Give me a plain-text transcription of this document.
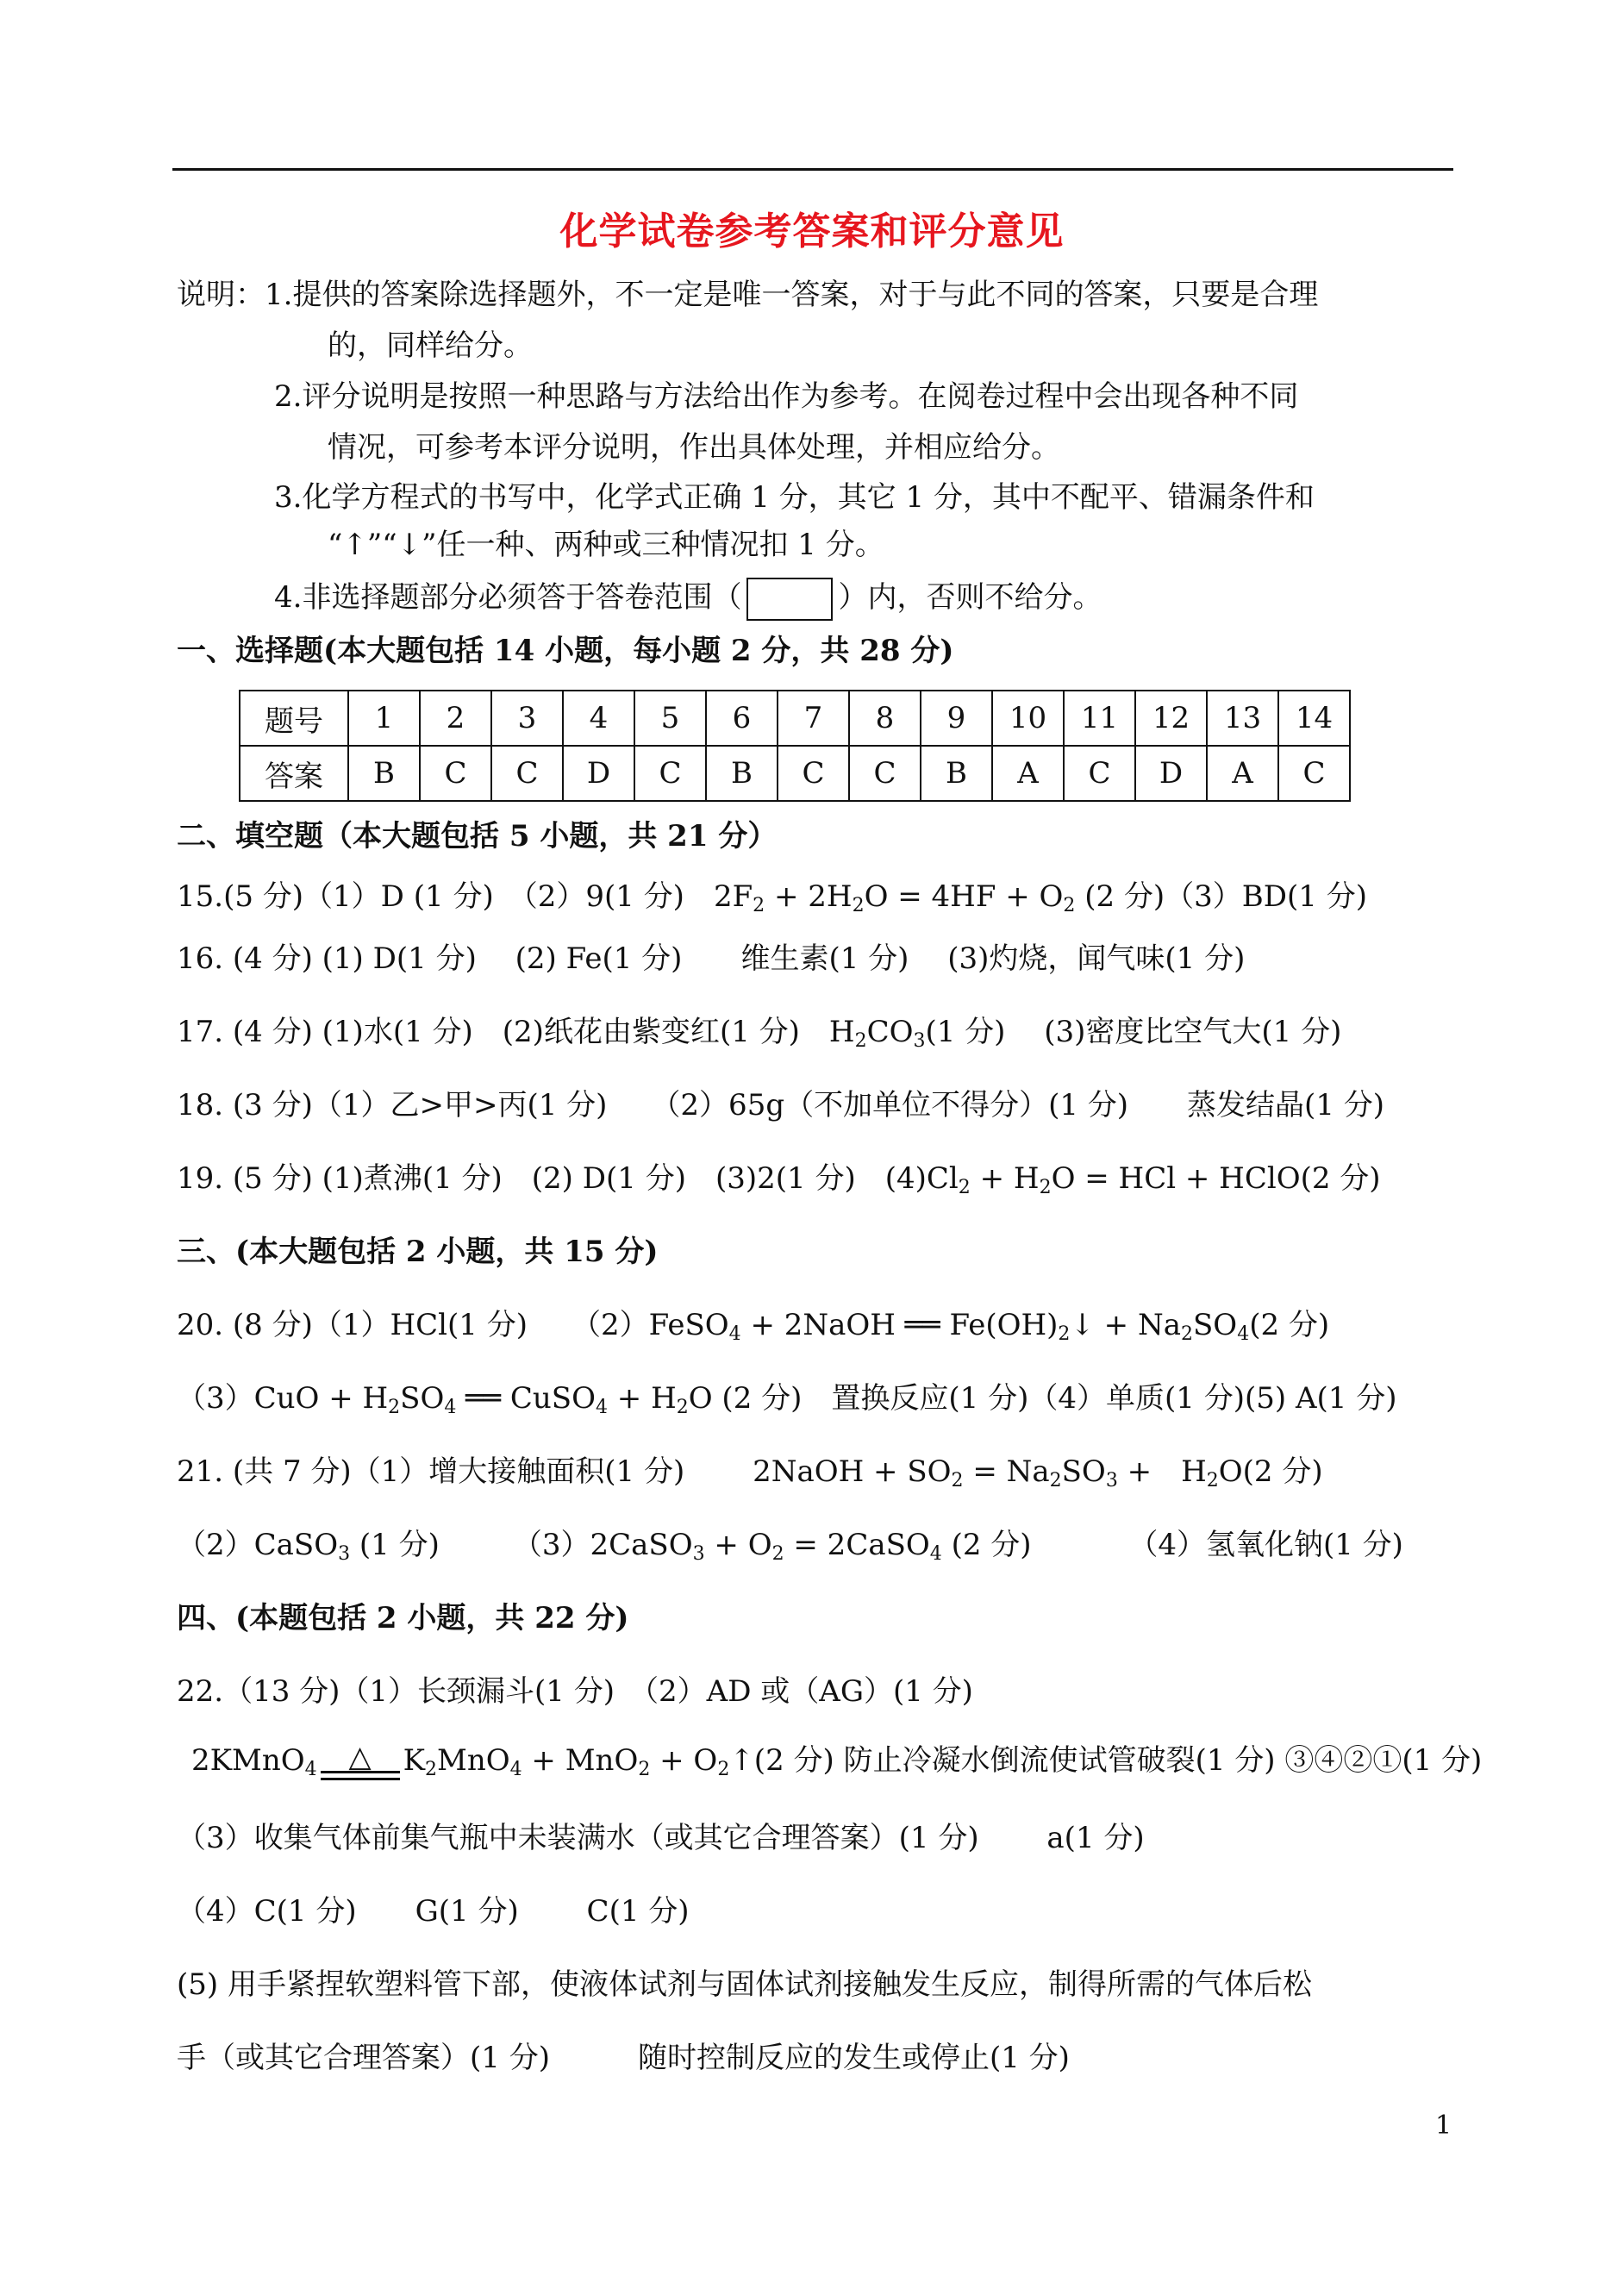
化学试卷参考答案和评分意见
说明：1.提供的答案除选择题外，不一定是唯一答案，对于与此不同的答案，只要是合理
的，同样给分。
2.评分说明是按照一种思路与方法给出作为参考。在阅卷过程中会出现各种不同
情况，可参考本评分说明，作出具体处理，并相应给分。
3.化学方程式的书写中，化学式正确 1 分，其它 1 分，其中不配平、错漏条件和
“↑”“↓”任一种、两种或三种情况扣 1 分。
4.非选择题部分必须答于答卷范围（	）内，否则不给分。
一、选择题(本大题包括 14 小题，每小题 2 分，共 28 分)
题号	1	2	3	4	5	6	7	8	9	10	11	12	13	14
答案	B	C	C	D	C	B	C	C	B	A	C	D	A	C
二、填空题（本大题包括 5 小题，共 21 分）
15.(5 分)（1）D (1 分)　（2）9(1 分)　$2F_2 + 2H_2O = 4HF + O_2$ (2 分)（3）BD(1 分)
16. (4 分) (1) D(1 分)　 (2) Fe(1 分)　　维生素(1 分)　 (3)灼烧，闻气味(1 分)
17. (4 分) (1)水(1 分)　(2)纸花由紫变红(1 分)　$H_2CO_3(1$ 分)　 (3)密度比空气大(1 分)
18. (3 分)（1）乙>甲>丙(1 分)　　（2）65g（不加单位不得分）(1 分)　　蒸发结晶(1 分)
19. (5 分) (1)煮沸(1 分)　(2) D(1 分)　(3)2(1 分)　$(4)Cl_2 + H_2O$ = HCl + HClO(2 分)
三、(本大题包括 2 小题，共 15 分)
20. (8 分)（1）HCl(1 分)　　（2）FeSO$_4$ + 2NaOH ══ $Fe(OH)_2↓ + Na_2SO_4(2$ 分)
$(3)CuO + H_2SO_4$ ══ CuSO$_4$ + $H_2O$ (2 分)　置换反应(1 分)（4）单质(1 分)(5) A(1 分)
21. (共 7 分)（1）增大接触面积(1 分)　　 2NaOH + $SO_2 = Na_2SO_3$ +　$H_2O(2$ 分)
（2）CaSO$_3$ (1 分)　　　（3）2CaSO$_3$ + $O_2$ = 2CaSO$_4$ (2 分)　　　 （4）氢氧化钠(1 分)
四、(本题包括 2 小题，共 22 分)
22.（13 分)（1）长颈漏斗(1 分)　（2）AD 或（AG）(1 分)
2KMnO$_4$	△	$K_2MnO_4 + MnO_2$ + $O_2↑(2$ 分) 防止冷凝水倒流使试管破裂(1 分) ③④②①(1 分)
（3）收集气体前集气瓶中未装满水（或其它合理答案）(1 分)　　 a(1 分)
（4）C(1 分)　　G(1 分)　　 C(1 分)
(5) 用手紧捏软塑料管下部，使液体试剂与固体试剂接触发生反应，制得所需的气体后松
手（或其它合理答案）(1 分)　　　随时控制反应的发生或停止(1 分)
1
